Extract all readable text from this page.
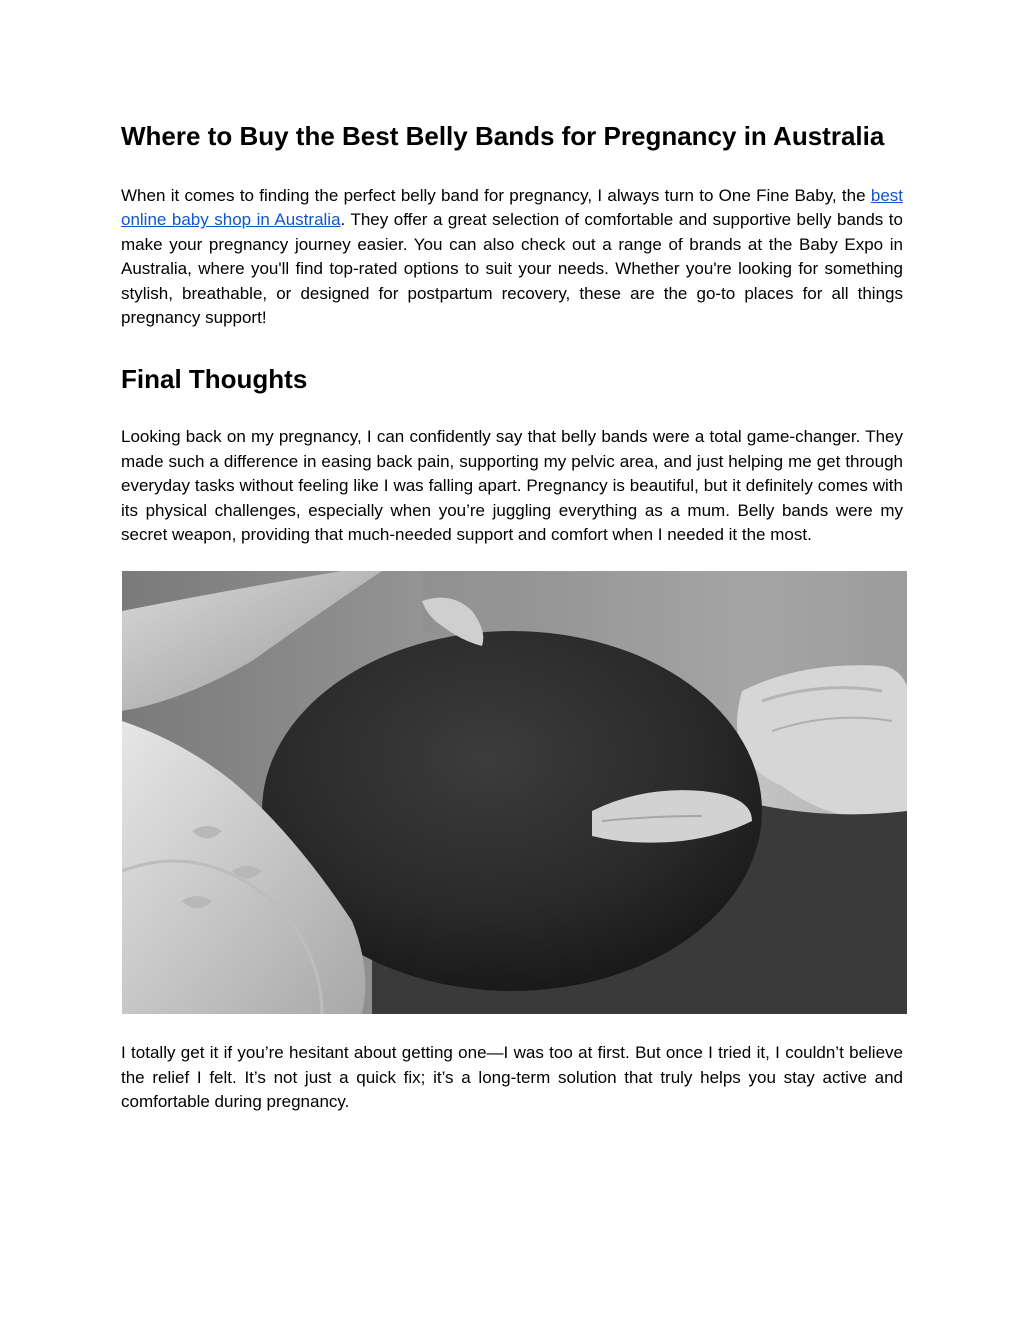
Where to Buy the Best Belly Bands for Pregnancy in Australia

When it comes to finding the perfect belly band for pregnancy, I always turn to One Fine Baby, the best online baby shop in Australia. They offer a great selection of comfortable and supportive belly bands to make your pregnancy journey easier. You can also check out a range of brands at the Baby Expo in Australia, where you'll find top-rated options to suit your needs. Whether you're looking for something stylish, breathable, or designed for postpartum recovery, these are the go-to places for all things pregnancy support!

Final Thoughts

Looking back on my pregnancy, I can confidently say that belly bands were a total game-changer. They made such a difference in easing back pain, supporting my pelvic area, and just helping me get through everyday tasks without feeling like I was falling apart. Pregnancy is beautiful, but it definitely comes with its physical challenges, especially when you’re juggling everything as a mum. Belly bands were my secret weapon, providing that much-needed support and comfort when I needed it the most.

I totally get it if you’re hesitant about getting one—I was too at first. But once I tried it, I couldn’t believe the relief I felt. It’s not just a quick fix; it’s a long-term solution that truly helps you stay active and comfortable during pregnancy.
